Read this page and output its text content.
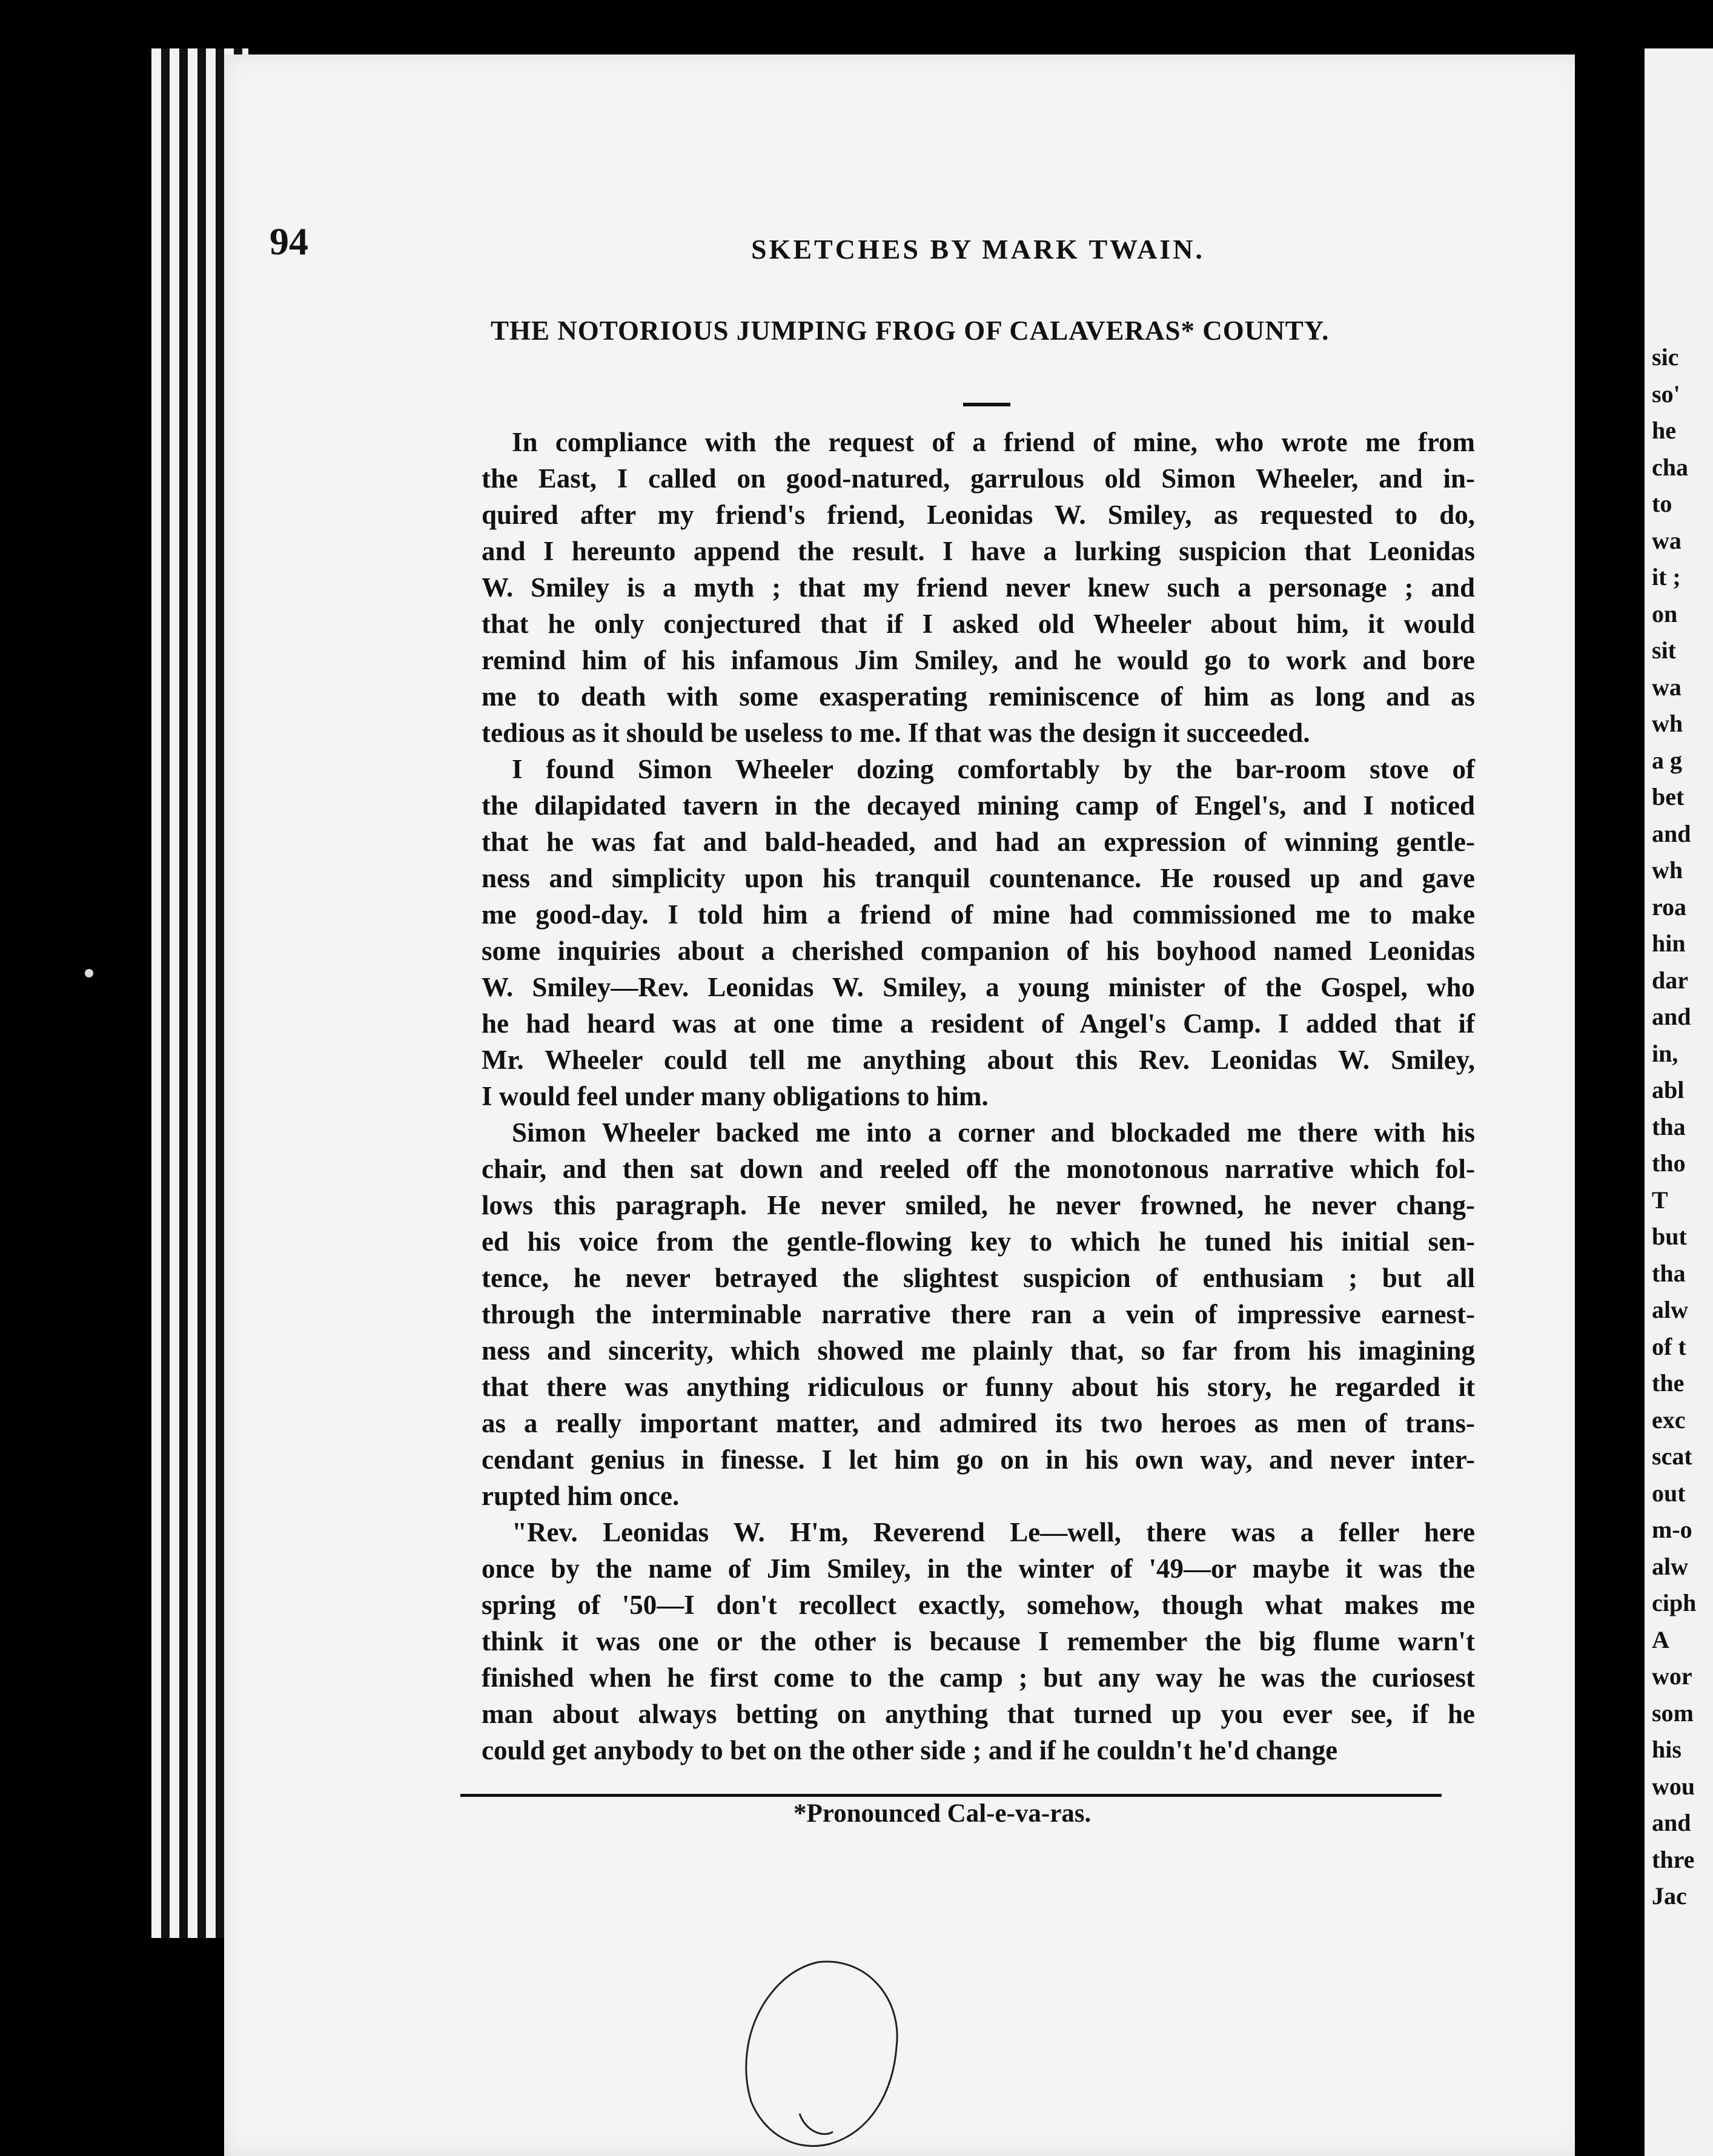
94	SKETCHES BY MARK TWAIN.
THE NOTORIOUS JUMPING FROG OF CALAVERAS* COUNTY.
In compliance with the request of a friend of mine, who wrote me from
the East, I called on good-natured, garrulous old Simon Wheeler, and in-
quired after my friend's friend, Leonidas W. Smiley, as requested to do,
and I hereunto append the result. I have a lurking suspicion that Leonidas
W. Smiley is a myth ; that my friend never knew such a personage ; and
that he only conjectured that if I asked old Wheeler about him, it would
remind him of his infamous Jim Smiley, and he would go to work and bore
me to death with some exasperating reminiscence of him as long and as
tedious as it should be useless to me. If that was the design it succeeded.
I found Simon Wheeler dozing comfortably by the bar-room stove of
the dilapidated tavern in the decayed mining camp of Engel's, and I noticed
that he was fat and bald-headed, and had an expression of winning gentle-
ness and simplicity upon his tranquil countenance. He roused up and gave
me good-day. I told him a friend of mine had commissioned me to make
some inquiries about a cherished companion of his boyhood named Leonidas
W. Smiley—Rev. Leonidas W. Smiley, a young minister of the Gospel, who
he had heard was at one time a resident of Angel's Camp. I added that if
Mr. Wheeler could tell me anything about this Rev. Leonidas W. Smiley,
I would feel under many obligations to him.
Simon Wheeler backed me into a corner and blockaded me there with his
chair, and then sat down and reeled off the monotonous narrative which fol-
lows this paragraph. He never smiled, he never frowned, he never chang-
ed his voice from the gentle-flowing key to which he tuned his initial sen-
tence, he never betrayed the slightest suspicion of enthusiam ; but all
through the interminable narrative there ran a vein of impressive earnest-
ness and sincerity, which showed me plainly that, so far from his imagining
that there was anything ridiculous or funny about his story, he regarded it
as a really important matter, and admired its two heroes as men of trans-
cendant genius in finesse. I let him go on in his own way, and never inter-
rupted him once.
"Rev. Leonidas W. H'm, Reverend Le—well, there was a feller here
once by the name of Jim Smiley, in the winter of '49—or maybe it was the
spring of '50—I don't recollect exactly, somehow, though what makes me
think it was one or the other is because I remember the big flume warn't
finished when he first come to the camp ; but any way he was the curiosest
man about always betting on anything that turned up you ever see, if he
could get anybody to bet on the other side ; and if he couldn't he'd change
*Pronounced Cal-e-va-ras.
sic
so'
he
cha
to
wa
it ;
on
sit
wa
wh
a g
bet
and
wh
roa
hin
dar
and
in,
abl
tha
tho
T
but
tha
alw
of t
the
exc
scat
out
m-o
alw
ciph
A
wor
som
his
wou
and
thre
Jac
